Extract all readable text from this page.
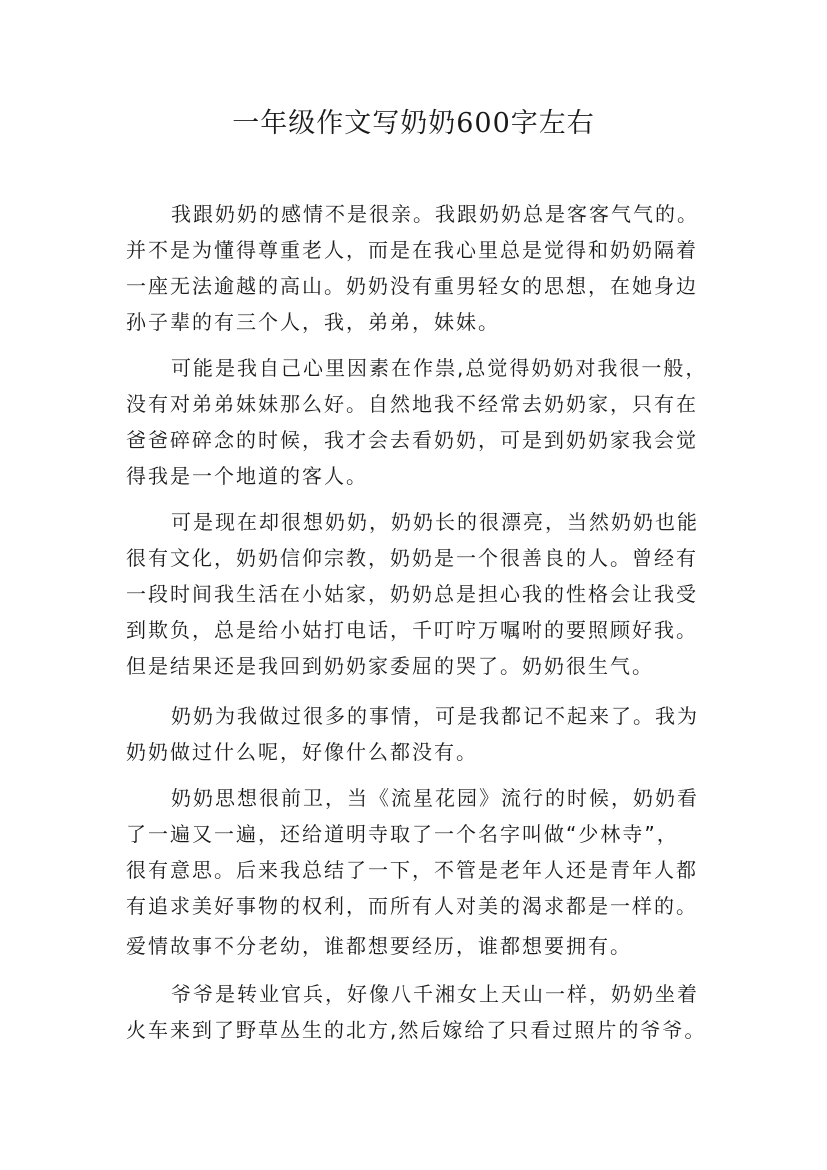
一年级作文写奶奶600字左右

我跟奶奶的感情不是很亲。我跟奶奶总是客客气气的。

并不是为懂得尊重老人，而是在我心里总是觉得和奶奶隔着

一座无法逾越的高山。奶奶没有重男轻女的思想，在她身边

孙子辈的有三个人，我，弟弟，妹妹。

可能是我自己心里因素在作祟,总觉得奶奶对我很一般，

没有对弟弟妹妹那么好。自然地我不经常去奶奶家，只有在

爸爸碎碎念的时候，我才会去看奶奶，可是到奶奶家我会觉

得我是一个地道的客人。

可是现在却很想奶奶，奶奶长的很漂亮，当然奶奶也能

很有文化，奶奶信仰宗教，奶奶是一个很善良的人。曾经有

一段时间我生活在小姑家，奶奶总是担心我的性格会让我受

到欺负，总是给小姑打电话，千叮咛万嘱咐的要照顾好我。

但是结果还是我回到奶奶家委屈的哭了。奶奶很生气。

奶奶为我做过很多的事情，可是我都记不起来了。我为

奶奶做过什么呢，好像什么都没有。

奶奶思想很前卫，当《流星花园》流行的时候，奶奶看

了一遍又一遍，还给道明寺取了一个名字叫做“少林寺”，

很有意思。后来我总结了一下，不管是老年人还是青年人都

有追求美好事物的权利，而所有人对美的渴求都是一样的。

爱情故事不分老幼，谁都想要经历，谁都想要拥有。

爷爷是转业官兵，好像八千湘女上天山一样，奶奶坐着

火车来到了野草丛生的北方,然后嫁给了只看过照片的爷爷。
